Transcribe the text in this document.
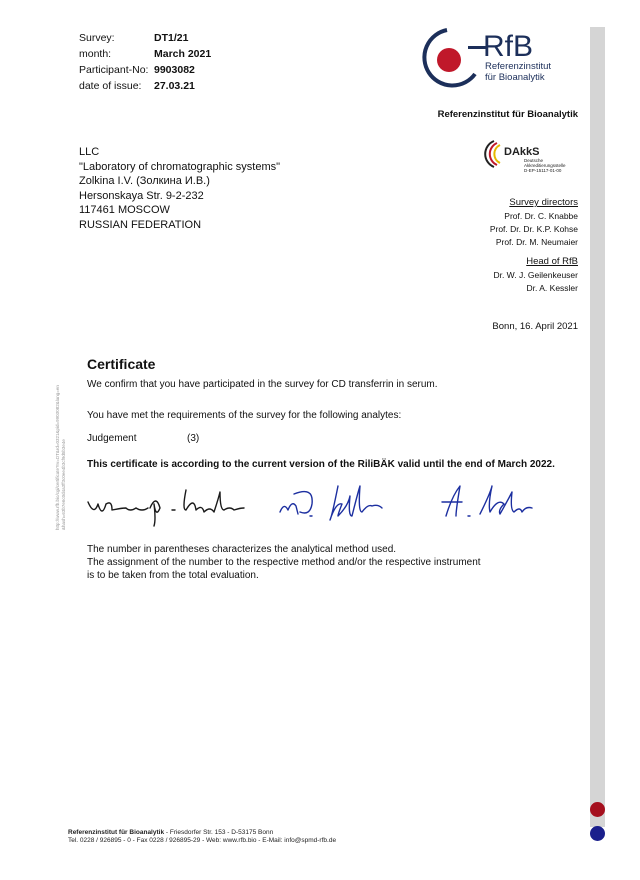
Survey:	DT1/21
month:	March 2021
Participant-No: 9903082
date of issue:	27.03.21
RfB
Referenzinstitut
für Bioanalytik
Referenzinstitut für Bioanalytik
LLC
"Laboratory of chromatographic systems"
Zolkina I.V. (Золкина И.В.)
Hersonskaya Str. 9-2-232
117461 MOSCOW
RUSSIAN FEDERATION
DAkkS
Deutsche
Akkreditierungsstelle
D-EP-15117-01-00
Survey directors
Prof. Dr. C. Knabbe
Prof. Dr. Dr. K.P. Kohse
Prof. Dr. M. Neumaier
Head of RfB
Dr. W. J. Geilenkeuser
Dr. A. Kessler
Bonn, 16. April 2021
http://www.rfb.bio/cgi/certificate?rv=DT&rd=0321&pid=9903082&lang=en &hash=63b7e6c0d4a3ff3c0ee4b3cf9d5b3e4e
Certificate
We confirm that you have participated in the survey for CD transferrin in serum.
You have met the requirements of the survey for the following analytes:
Judgement	(3)
This certificate is according to the current version of the RiliBÄK valid until the end of March 2022.
The number in parentheses characterizes the analytical method used.
The assignment of the number to the respective method and/or the respective instrument
is to be taken from the total evaluation.
Referenzinstitut für Bioanalytik - Friesdorfer Str. 153 - D-53175 Bonn
Tel. 0228 / 926895 - 0 - Fax 0228 / 926895-29 - Web: www.rfb.bio - E-Mail: info@spmd-rfb.de
